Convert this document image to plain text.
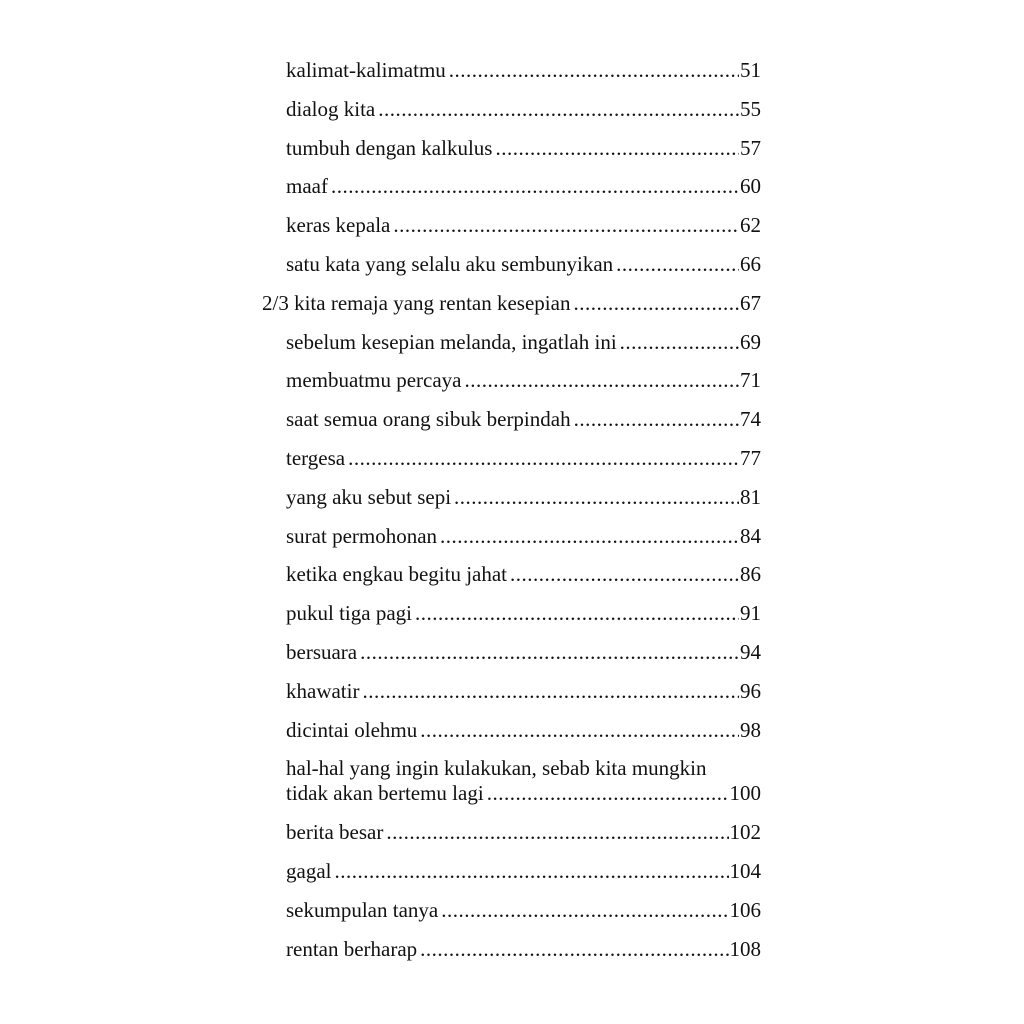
kalimat-kalimatmu .....	51
dialog kita .....	55
tumbuh dengan kalkulus .....	57
maaf .....	60
keras kepala .....	62
satu kata yang selalu aku sembunyikan .....	66
2/3 kita remaja yang rentan kesepian .....	67
sebelum kesepian melanda, ingatlah ini .....	69
membuatmu percaya .....	71
saat semua orang sibuk berpindah .....	74
tergesa .....	77
yang aku sebut sepi .....	81
surat permohonan .....	84
ketika engkau begitu jahat .....	86
pukul tiga pagi .....	91
bersuara .....	94
khawatir .....	96
dicintai olehmu .....	98
hal-hal yang ingin kulakukan, sebab kita mungkin
tidak akan bertemu lagi .....	100
berita besar .....	102
gagal .....	104
sekumpulan tanya .....	106
rentan berharap .....	108
